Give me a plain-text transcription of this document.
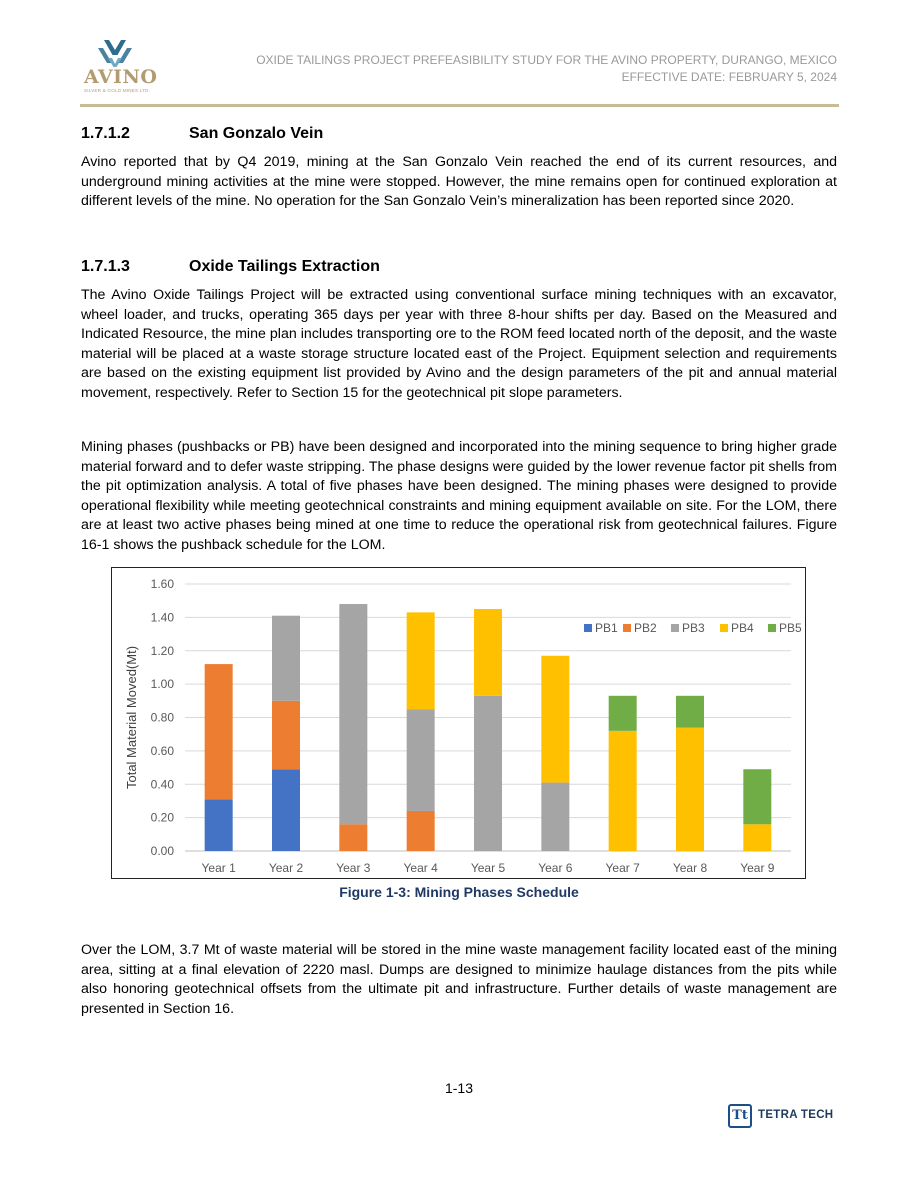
AVINO
SILVER & GOLD MINES LTD.
OXIDE TAILINGS PROJECT PREFEASIBILITY STUDY FOR THE AVINO PROPERTY, DURANGO, MEXICO
EFFECTIVE DATE: FEBRUARY 5, 2024
1.7.1.2	San Gonzalo Vein
Avino reported that by Q4 2019, mining at the San Gonzalo Vein reached the end of its current resources, and underground mining activities at the mine were stopped. However, the mine remains open for continued exploration at different levels of the mine. No operation for the San Gonzalo Vein’s mineralization has been reported since 2020.
1.7.1.3	Oxide Tailings Extraction
The Avino Oxide Tailings Project will be extracted using conventional surface mining techniques with an excavator, wheel loader, and trucks, operating 365 days per year with three 8-hour shifts per day. Based on the Measured and Indicated Resource, the mine plan includes transporting ore to the ROM feed located north of the deposit, and the waste material will be placed at a waste storage structure located east of the Project. Equipment selection and requirements are based on the existing equipment list provided by Avino and the design parameters of the pit and annual material movement, respectively. Refer to Section 15 for the geotechnical pit slope parameters.
Mining phases (pushbacks or PB) have been designed and incorporated into the mining sequence to bring higher grade material forward and to defer waste stripping. The phase designs were guided by the lower revenue factor pit shells from the pit optimization analysis. A total of five phases have been designed. The mining phases were designed to provide operational flexibility while meeting geotechnical constraints and mining equipment available on site. For the LOM, there are at least two active phases being mined at one time to reduce the operational risk from geotechnical failures. Figure 16-1 shows the pushback schedule for the LOM.
0.00
0.20
0.40
0.60
0.80
1.00
1.20
1.40
1.60
Total Material Moved(Mt)
Year 1	Year 2	Year 3	Year 4	Year 5	Year 6	Year 7	Year 8	Year 9
PB1 PB2 PB3 PB4 PB5
Figure 1-3: Mining Phases Schedule
Over the LOM, 3.7 Mt of waste material will be stored in the mine waste management facility located east of the mining area, sitting at a final elevation of 2220 masl. Dumps are designed to minimize haulage distances from the pits while also honoring geotechnical offsets from the ultimate pit and infrastructure. Further details of waste management are presented in Section 16.
1-13
Tt TETRA TECH
